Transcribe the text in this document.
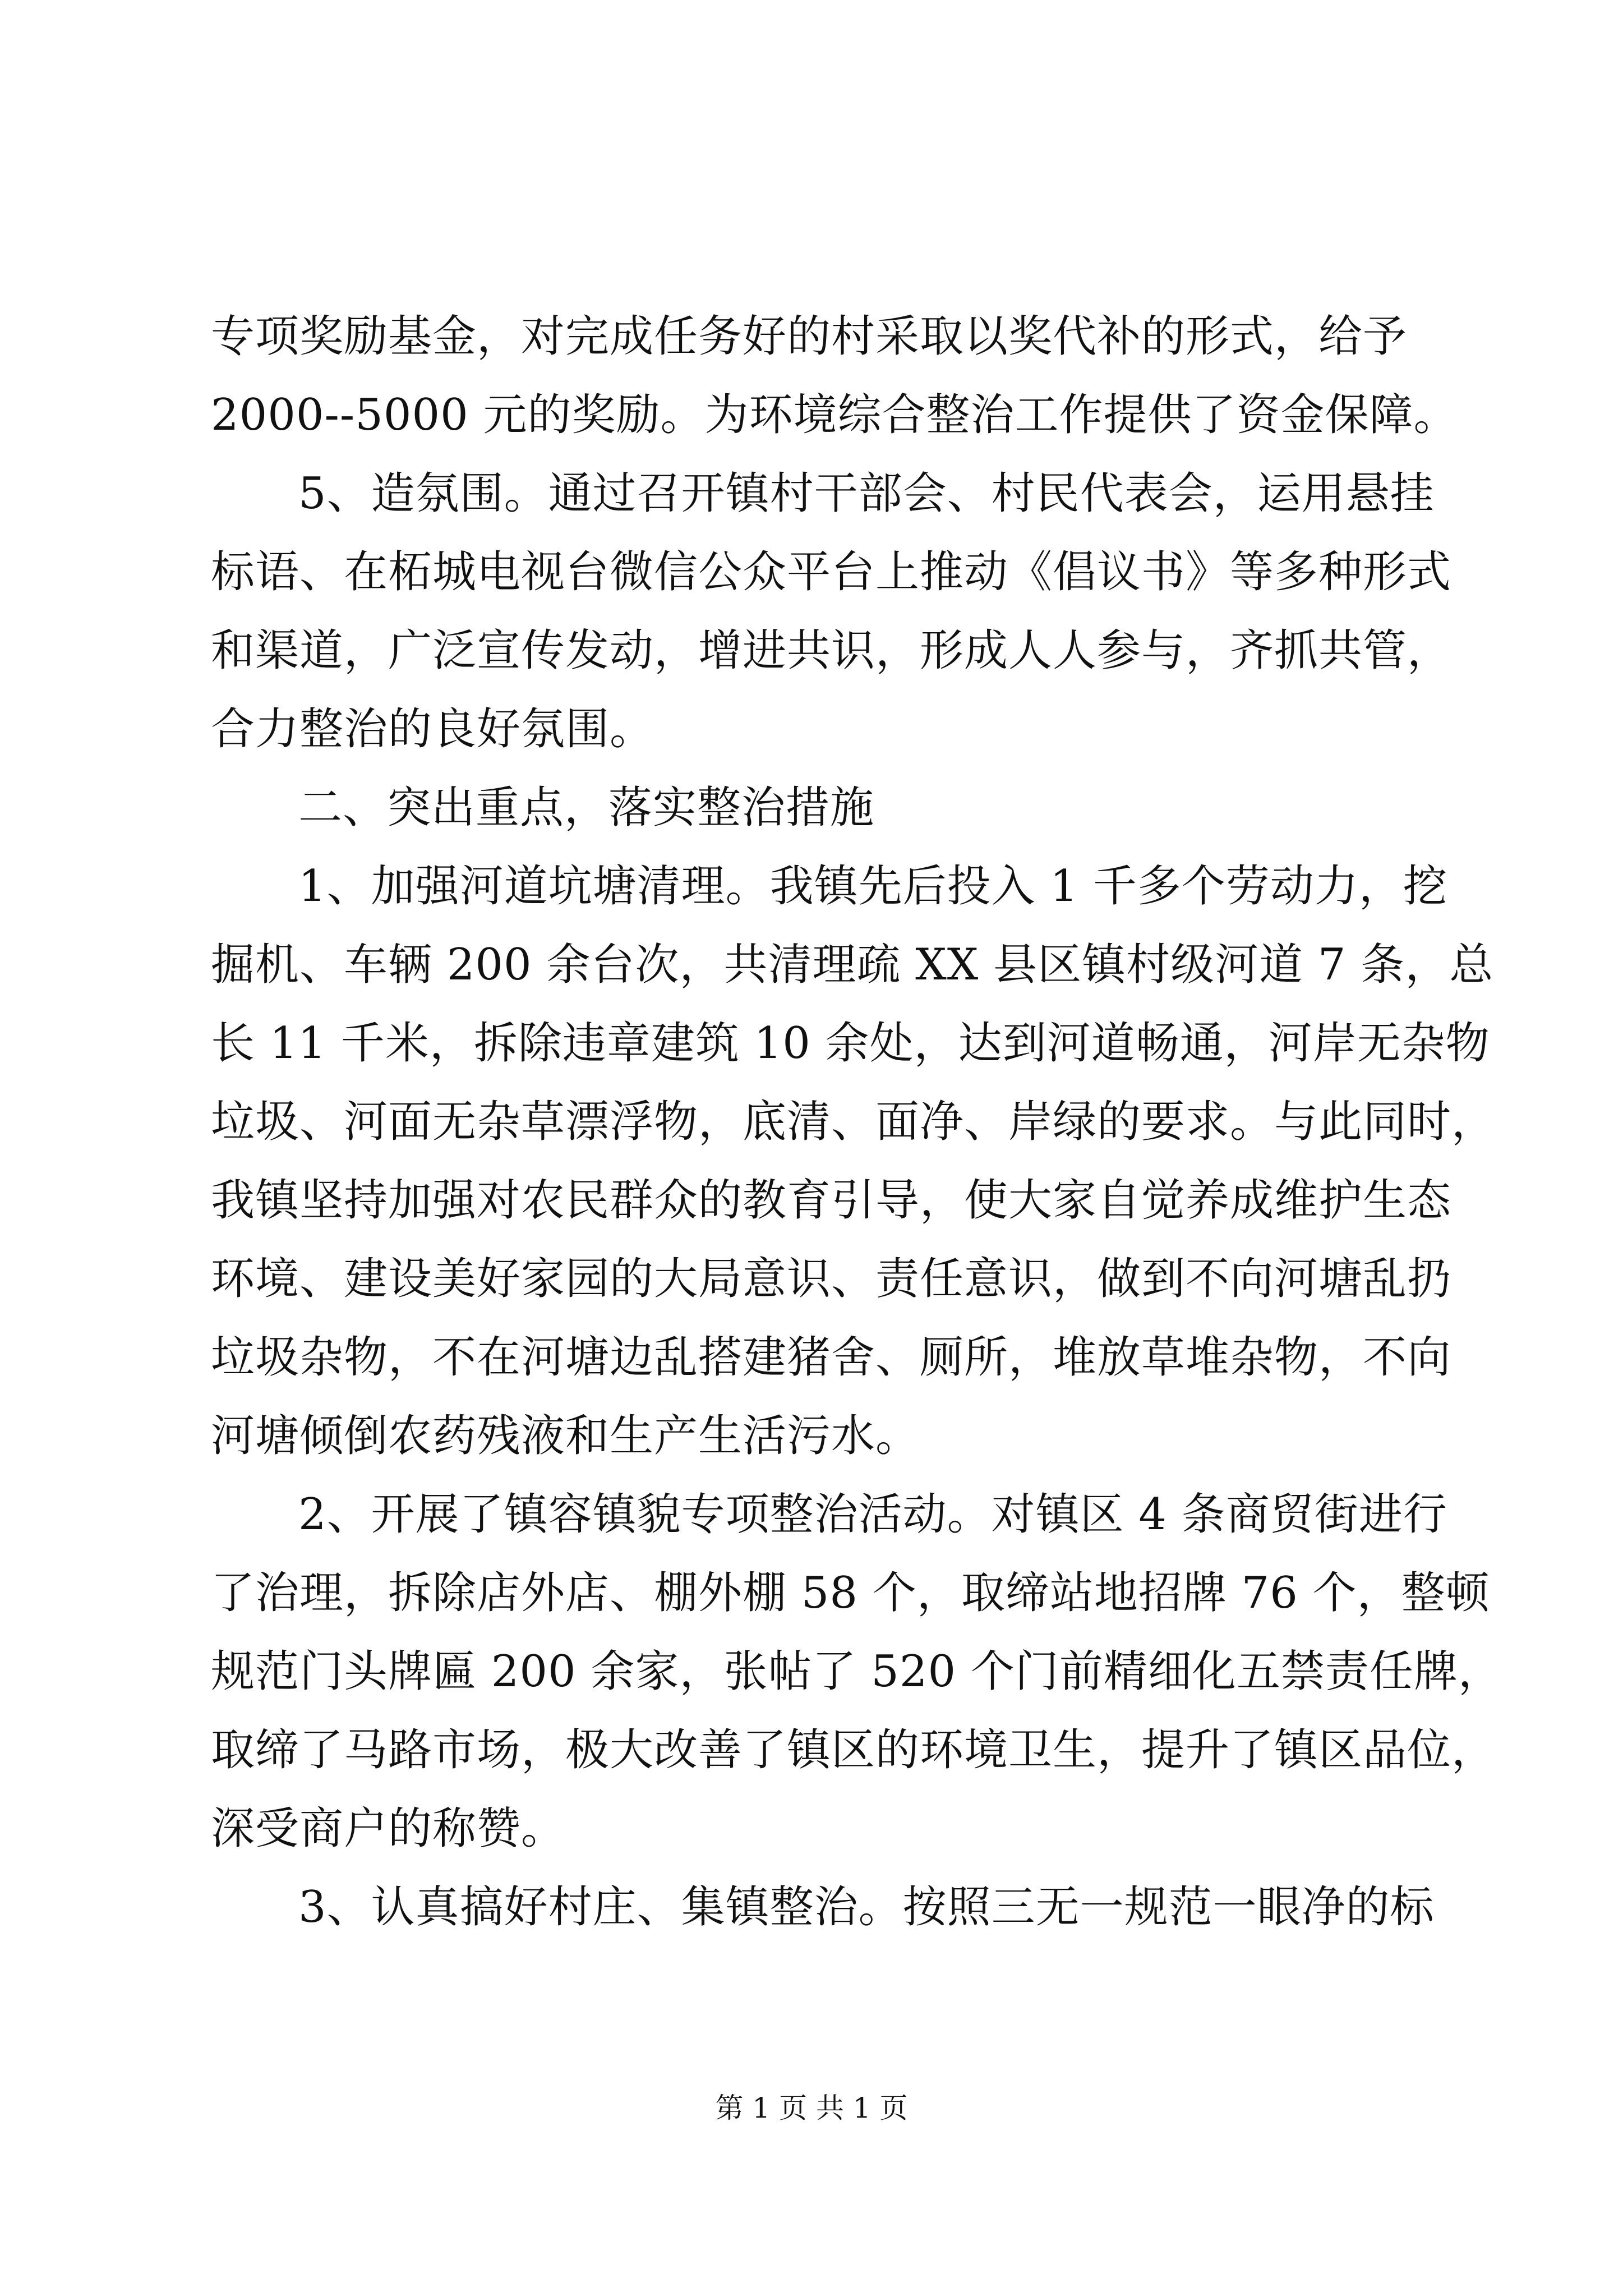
专项奖励基金，对完成任务好的村采取以奖代补的形式，给予
2000--5000 元的奖励。为环境综合整治工作提供了资金保障。
5、造氛围。通过召开镇村干部会、村民代表会，运用悬挂
标语、在柘城电视台微信公众平台上推动《倡议书》等多种形式
和渠道，广泛宣传发动，增进共识，形成人人参与，齐抓共管，
合力整治的良好氛围。
二、突出重点，落实整治措施
1、加强河道坑塘清理。我镇先后投入 1 千多个劳动力，挖
掘机、车辆 200 余台次，共清理疏 XX 县区镇村级河道 7 条，总
长 11 千米，拆除违章建筑 10 余处，达到河道畅通，河岸无杂物
垃圾、河面无杂草漂浮物，底清、面净、岸绿的要求。与此同时，
我镇坚持加强对农民群众的教育引导，使大家自觉养成维护生态
环境、建设美好家园的大局意识、责任意识，做到不向河塘乱扔
垃圾杂物，不在河塘边乱搭建猪舍、厕所，堆放草堆杂物，不向
河塘倾倒农药残液和生产生活污水。
2、开展了镇容镇貌专项整治活动。对镇区 4 条商贸街进行
了治理，拆除店外店、棚外棚 58 个，取缔站地招牌 76 个，整顿
规范门头牌匾 200 余家，张帖了 520 个门前精细化五禁责任牌，
取缔了马路市场，极大改善了镇区的环境卫生，提升了镇区品位，
深受商户的称赞。
3、认真搞好村庄、集镇整治。按照三无一规范一眼净的标
第 1 页 共 1 页
